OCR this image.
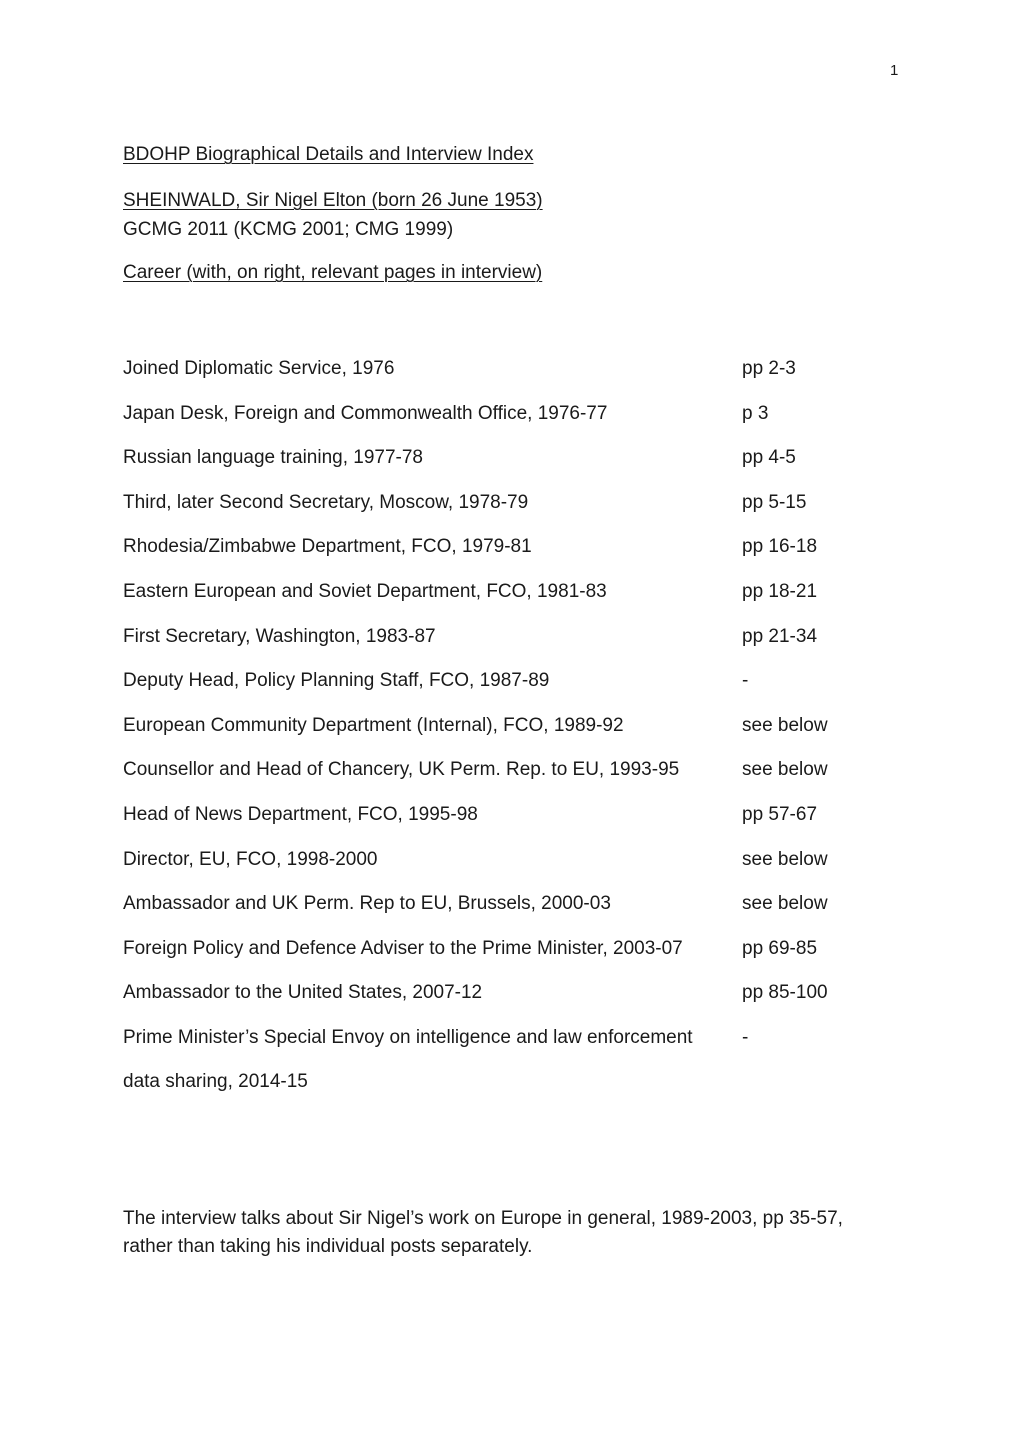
1
BDOHP Biographical Details and Interview Index
SHEINWALD, Sir Nigel Elton (born 26 June 1953)
GCMG 2011 (KCMG 2001; CMG 1999)
Career (with, on right, relevant pages in interview)
Joined Diplomatic Service, 1976	pp 2-3
Japan Desk, Foreign and Commonwealth Office, 1976-77	p 3
Russian language training, 1977-78	pp 4-5
Third, later Second Secretary, Moscow, 1978-79	pp 5-15
Rhodesia/Zimbabwe Department, FCO, 1979-81	pp 16-18
Eastern European and Soviet Department, FCO, 1981-83	pp 18-21
First Secretary, Washington, 1983-87	pp 21-34
Deputy Head, Policy Planning Staff, FCO, 1987-89	-
European Community Department (Internal), FCO, 1989-92	see below
Counsellor and Head of Chancery, UK Perm. Rep. to EU, 1993-95	see below
Head of News Department, FCO, 1995-98	pp 57-67
Director, EU, FCO, 1998-2000	see below
Ambassador and UK Perm. Rep to EU, Brussels, 2000-03	see below
Foreign Policy and Defence Adviser to the Prime Minister, 2003-07	pp 69-85
Ambassador to the United States, 2007-12	pp 85-100
Prime Minister’s Special Envoy on intelligence and law enforcement	-
data sharing, 2014-15
The interview talks about Sir Nigel’s work on Europe in general, 1989-2003, pp 35-57, rather than taking his individual posts separately.
